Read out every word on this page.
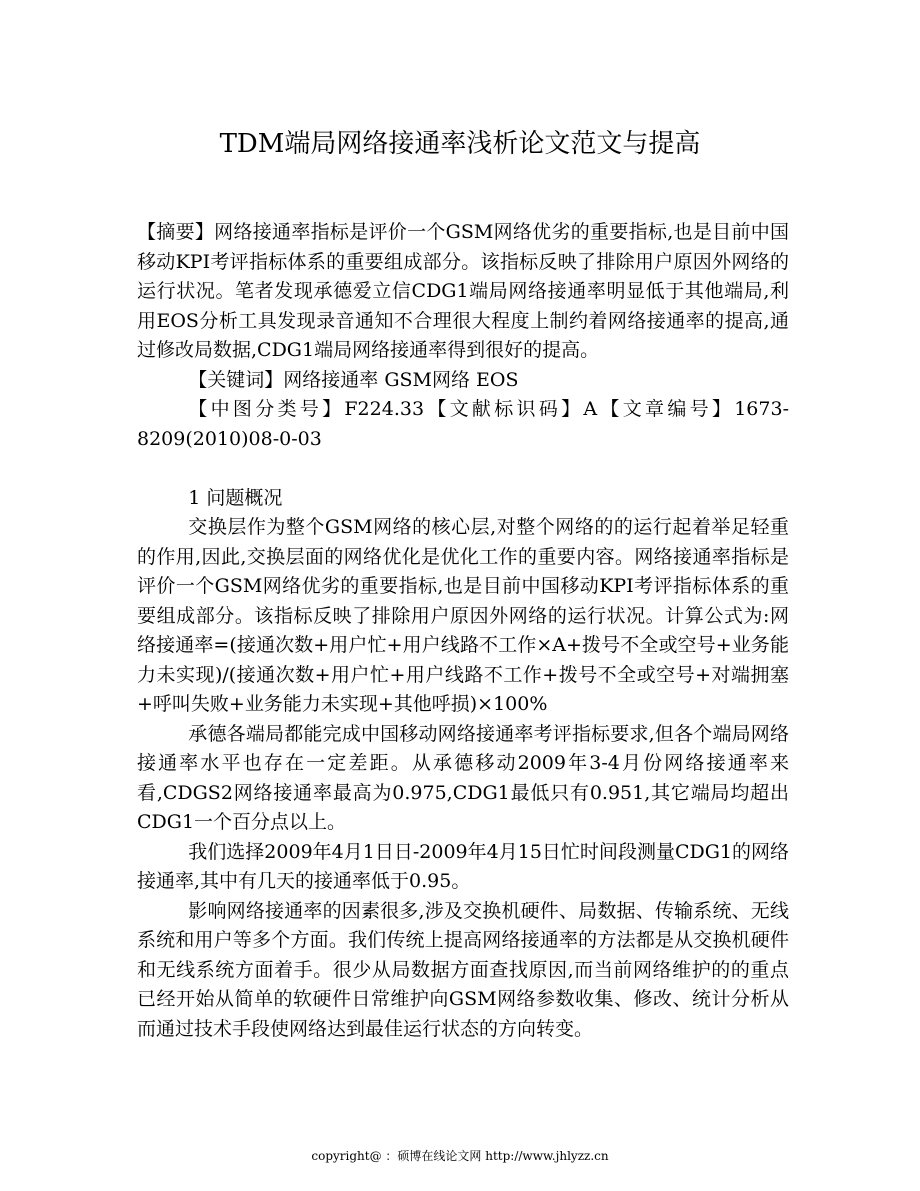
TDM端局网络接通率浅析论文范文与提高

【摘要】网络接通率指标是评价一个GSM网络优劣的重要指标,也是目前中国移动KPI考评指标体系的重要组成部分。该指标反映了排除用户原因外网络的运行状况。笔者发现承德爱立信CDG1端局网络接通率明显低于其他端局,利用EOS分析工具发现录音通知不合理很大程度上制约着网络接通率的提高,通过修改局数据,CDG1端局网络接通率得到很好的提高。

【关键词】网络接通率 GSM网络 EOS

【中图分类号】F224.33【文献标识码】A【文章编号】1673-8209(2010)08-0-03

1 问题概况

交换层作为整个GSM网络的核心层,对整个网络的的运行起着举足轻重的作用,因此,交换层面的网络优化是优化工作的重要内容。网络接通率指标是评价一个GSM网络优劣的重要指标,也是目前中国移动KPI考评指标体系的重要组成部分。该指标反映了排除用户原因外网络的运行状况。计算公式为:网络接通率=(接通次数+用户忙+用户线路不工作×A+拨号不全或空号+业务能力未实现)/(接通次数+用户忙+用户线路不工作+拨号不全或空号+对端拥塞+呼叫失败+业务能力未实现+其他呼损)×100%

承德各端局都能完成中国移动网络接通率考评指标要求,但各个端局网络接通率水平也存在一定差距。从承德移动2009年3-4月份网络接通率来看,CDGS2网络接通率最高为0.975,CDG1最低只有0.951,其它端局均超出CDG1一个百分点以上。

我们选择2009年4月1日日-2009年4月15日忙时间段测量CDG1的网络接通率,其中有几天的接通率低于0.95。

影响网络接通率的因素很多,涉及交换机硬件、局数据、传输系统、无线系统和用户等多个方面。我们传统上提高网络接通率的方法都是从交换机硬件和无线系统方面着手。很少从局数据方面查找原因,而当前网络维护的的重点已经开始从简单的软硬件日常维护向GSM网络参数收集、修改、统计分析从而通过技术手段使网络达到最佳运行状态的方向转变。

copyright@ ：硕博在线论文网 http://www.jhlyzz.cn
